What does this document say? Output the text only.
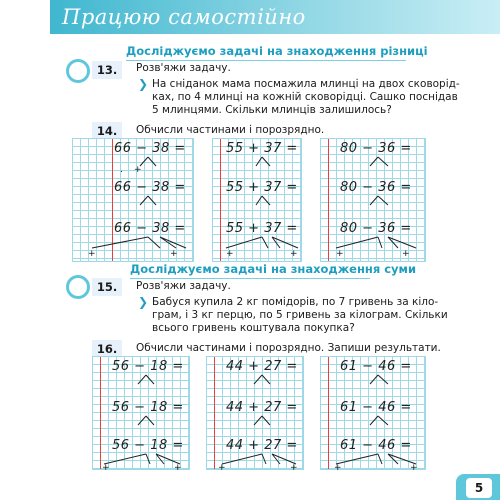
Працюю самостійно
Досліджуємо задачі на знаходження різниці
13.	Розв'яжи задачу.
❯ На сніданок мама посмажила млинці на двох сковорід-
ках, по 4 млинці на кожній сковорідці. Сашко поснідав
5 млинцями. Скільки млинців залишилось?
14.	Обчисли частинами і порозрядно.
66 − 38 =
66 − 38 =
66 − 38 =
55 + 37 =
55 + 37 =
55 + 37 =
80 − 36 =
80 − 36 =
80 − 36 =
+
.
+	+	+	+	+	+
Досліджуємо задачі на знаходження суми
15.	Розв'яжи задачу.
❯ Бабуся купила 2 кг помідорів, по 7 гривень за кіло-
грам, і 3 кг перцю, по 5 гривень за кілограм. Скільки
всього гривень коштувала покупка?
16.	Обчисли частинами і порозрядно. Запиши результати.
56 − 18 =
56 − 18 =
56 − 18 =
44 + 27 =
44 + 27 =
44 + 27 =
61 − 46 =
61 − 46 =
61 − 46 =
+	+	+	+	+	+
5
